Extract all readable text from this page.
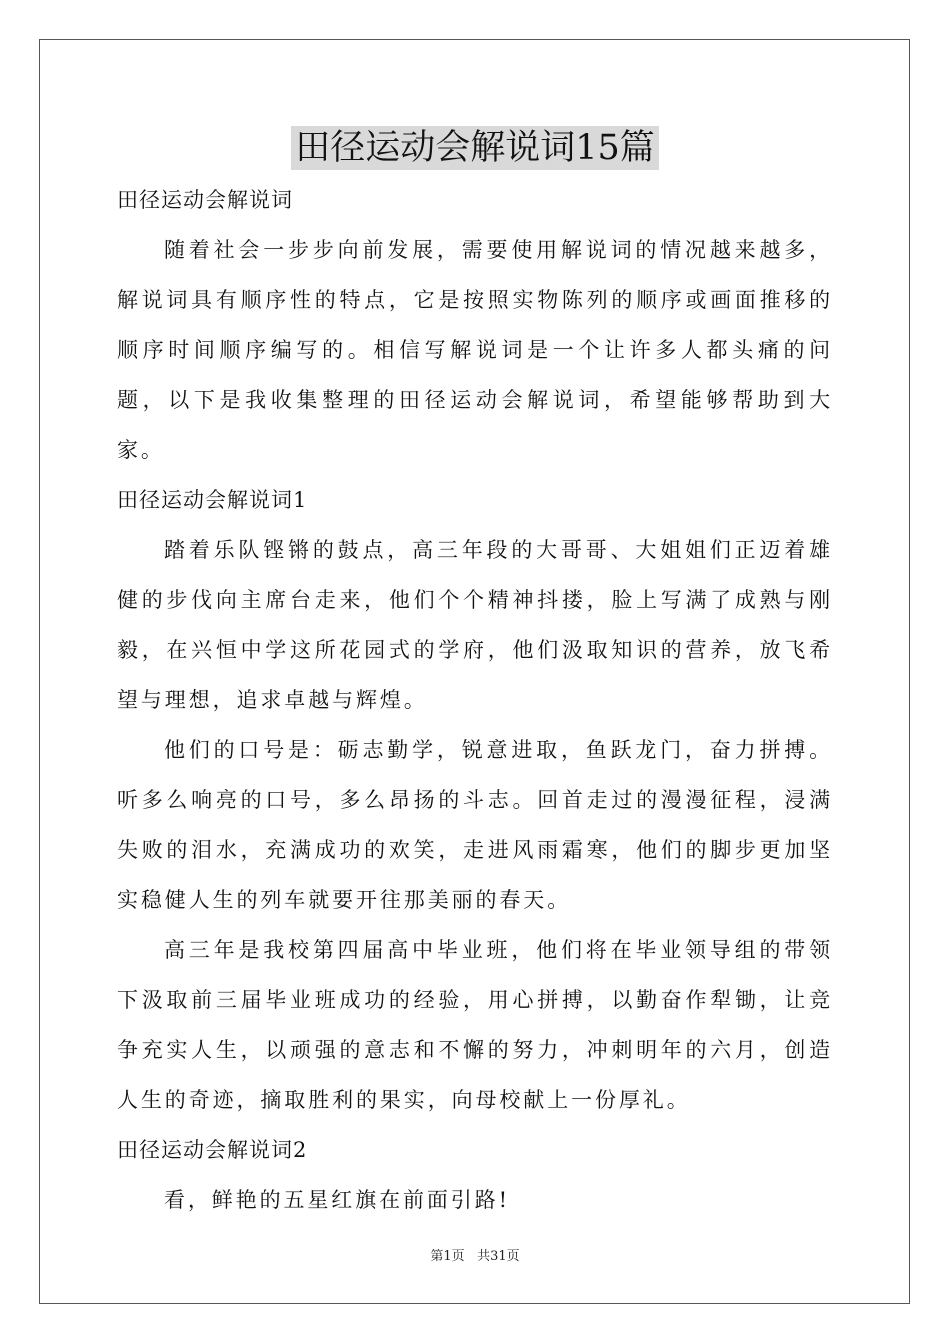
田径运动会解说词15篇
田径运动会解说词

随着社会一步步向前发展，需要使用解说词的情况越来越多，解说词具有顺序性的特点，它是按照实物陈列的顺序或画面推移的顺序时间顺序编写的。相信写解说词是一个让许多人都头痛的问题，以下是我收集整理的田径运动会解说词，希望能够帮助到大家。

田径运动会解说词1

踏着乐队铿锵的鼓点，高三年段的大哥哥、大姐姐们正迈着雄健的步伐向主席台走来，他们个个精神抖搂，脸上写满了成熟与刚毅，在兴恒中学这所花园式的学府，他们汲取知识的营养，放飞希望与理想，追求卓越与辉煌。

他们的口号是：砺志勤学，锐意进取，鱼跃龙门，奋力拼搏。听多么响亮的口号，多么昂扬的斗志。回首走过的漫漫征程，浸满失败的泪水，充满成功的欢笑，走进风雨霜寒，他们的脚步更加坚实稳健人生的列车就要开往那美丽的春天。

高三年是我校第四届高中毕业班，他们将在毕业领导组的带领下汲取前三届毕业班成功的经验，用心拼搏，以勤奋作犁锄，让竞争充实人生，以顽强的意志和不懈的努力，冲刺明年的六月，创造人生的奇迹，摘取胜利的果实，向母校献上一份厚礼。

田径运动会解说词2

看，鲜艳的五星红旗在前面引路!

第1页 共31页
